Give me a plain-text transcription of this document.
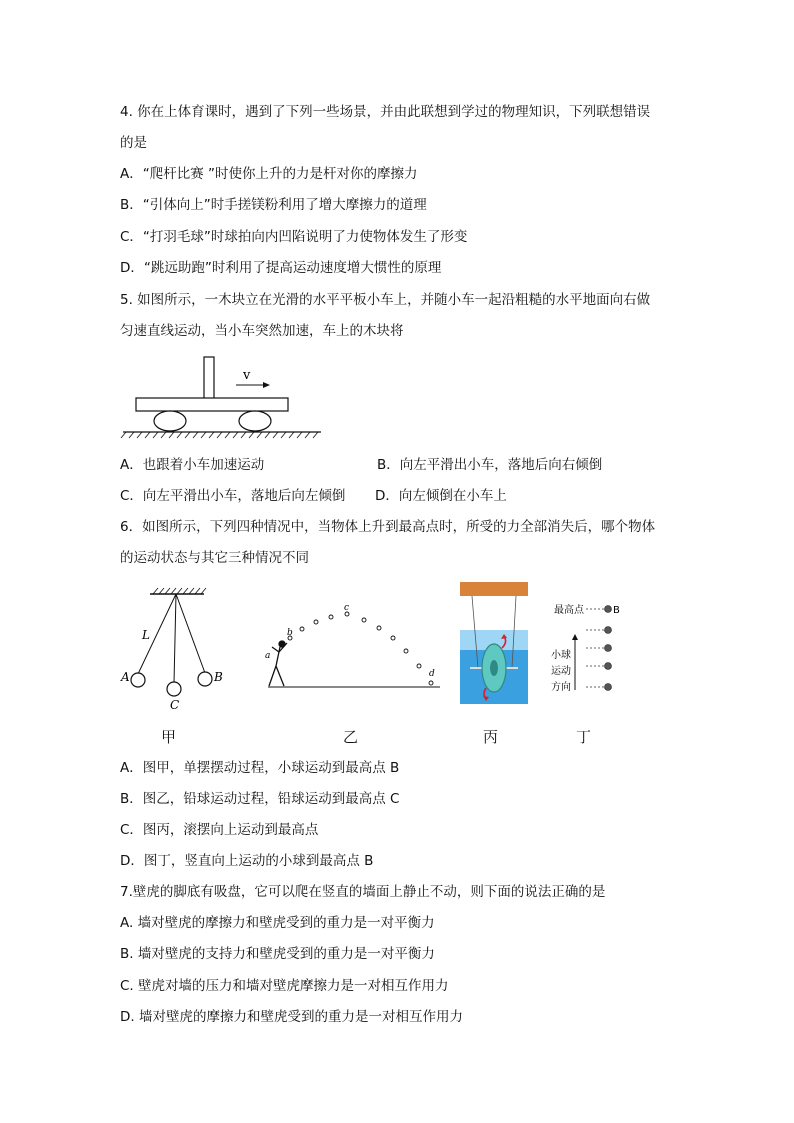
4. 你在上体育课时，遇到了下列一些场景，并由此联想到学过的物理知识，下列联想错误
的是
A．“爬杆比赛 ”时使你上升的力是杆对你的摩擦力
B．“引体向上”时手搓镁粉利用了增大摩擦力的道理
C．“打羽毛球”时球拍向内凹陷说明了力使物体发生了形变
D．“跳远助跑”时利用了提高运动速度增大惯性的原理
5. 如图所示，一木块立在光滑的水平平板小车上，并随小车一起沿粗糙的水平地面向右做
匀速直线运动，当小车突然加速，车上的木块将
v
A．也跟着小车加速运动	B．向左平滑出小车，落地后向右倾倒
C．向左平滑出小车，落地后向左倾倒 D．向左倾倒在小车上
6．如图所示，下列四种情况中，当物体上升到最高点时，所受的力全部消失后，哪个物体
的运动状态与其它三种情况不同
L
A	B
C
a
b
c
d
最高点	B
小球
运动
方向
甲	乙	丙	丁
A．图甲，单摆摆动过程，小球运动到最高点 B
B．图乙，铅球运动过程，铅球运动到最高点 C
C．图丙，滚摆向上运动到最高点
D．图丁，竖直向上运动的小球到最高点 B
7.壁虎的脚底有吸盘，它可以爬在竖直的墙面上静止不动，则下面的说法正确的是
A. 墙对壁虎的摩擦力和壁虎受到的重力是一对平衡力
B. 墙对壁虎的支持力和壁虎受到的重力是一对平衡力
C. 壁虎对墙的压力和墙对壁虎摩擦力是一对相互作用力
D. 墙对壁虎的摩擦力和壁虎受到的重力是一对相互作用力
